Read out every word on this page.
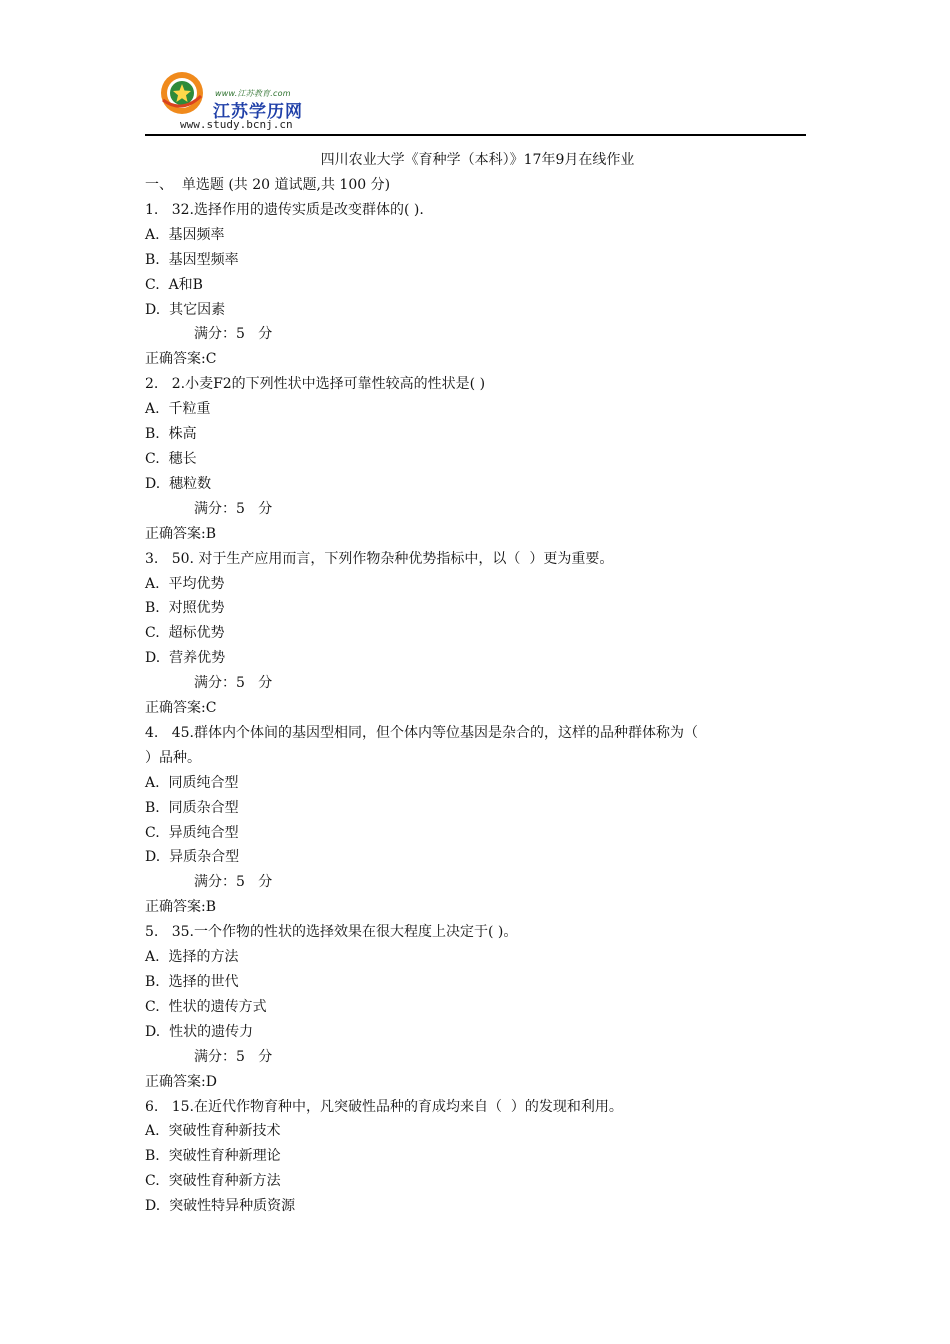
www.江苏教育.com
江苏学历网
www.study.bcnj.cn
四川农业大学《育种学（本科）》17年9月在线作业
一、  单选题 (共 20 道试题,共 100 分)
1.   32.选择作用的遗传实质是改变群体的( ).
A.  基因频率
B.  基因型频率
C.  A和B
D.  其它因素
满分：5   分
正确答案:C
2.   2.小麦F2的下列性状中选择可靠性较高的性状是( )
A.  千粒重
B.  株高
C.  穗长
D.  穗粒数
满分：5   分
正确答案:B
3.   50. 对于生产应用而言，下列作物杂种优势指标中，以（  ）更为重要。
A.  平均优势
B.  对照优势
C.  超标优势
D.  营养优势
满分：5   分
正确答案:C
4.   45.群体内个体间的基因型相同，但个体内等位基因是杂合的，这样的品种群体称为（
）品种。
A.  同质纯合型
B.  同质杂合型
C.  异质纯合型
D.  异质杂合型
满分：5   分
正确答案:B
5.   35.一个作物的性状的选择效果在很大程度上决定于( )。
A.  选择的方法
B.  选择的世代
C.  性状的遗传方式
D.  性状的遗传力
满分：5   分
正确答案:D
6.   15.在近代作物育种中，凡突破性品种的育成均来自（  ）的发现和利用。
A.  突破性育种新技术
B.  突破性育种新理论
C.  突破性育种新方法
D.  突破性特异种质资源
